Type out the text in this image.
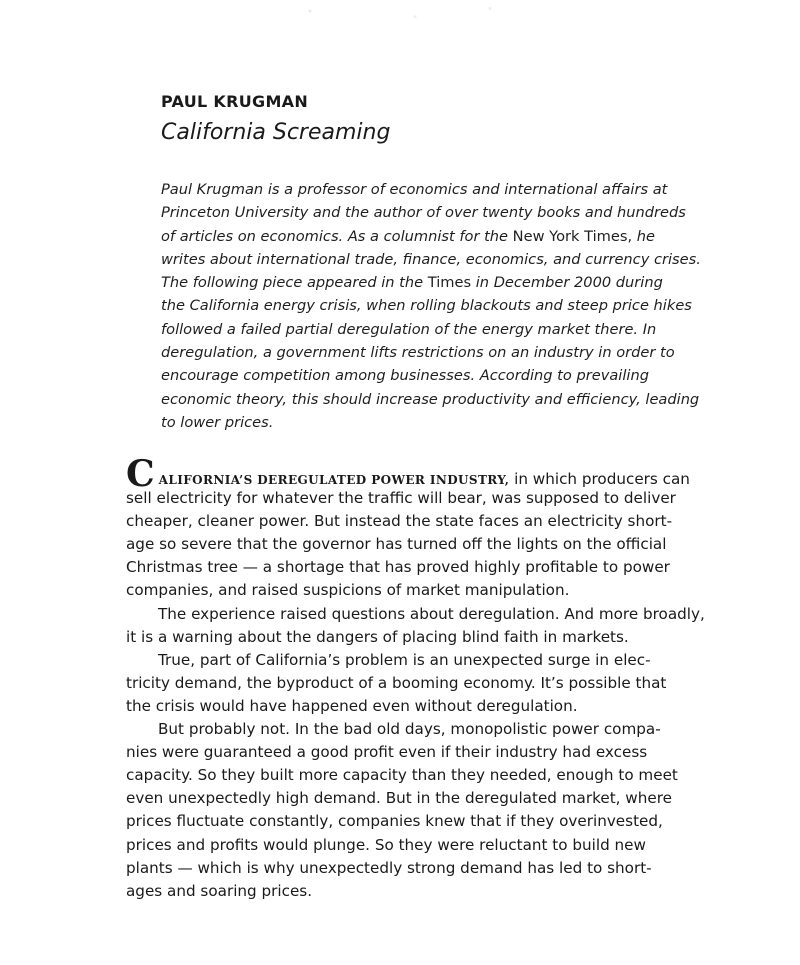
PAUL KRUGMAN
California Screaming
Paul Krugman is a professor of economics and international affairs at
Princeton University and the author of over twenty books and hundreds
of articles on economics. As a columnist for the New York Times, he
writes about international trade, finance, economics, and currency crises.
The following piece appeared in the Times in December 2000 during
the California energy crisis, when rolling blackouts and steep price hikes
followed a failed partial deregulation of the energy market there. In
deregulation, a government lifts restrictions on an industry in order to
encourage competition among businesses. According to prevailing
economic theory, this should increase productivity and efficiency, leading
to lower prices.
CALIFORNIA’S DEREGULATED POWER INDUSTRY, in which producers can
sell electricity for whatever the traffic will bear, was supposed to deliver
cheaper, cleaner power. But instead the state faces an electricity short-
age so severe that the governor has turned off the lights on the official
Christmas tree — a shortage that has proved highly profitable to power
companies, and raised suspicions of market manipulation.
The experience raised questions about deregulation. And more broadly,
it is a warning about the dangers of placing blind faith in markets.
True, part of California’s problem is an unexpected surge in elec-
tricity demand, the byproduct of a booming economy. It’s possible that
the crisis would have happened even without deregulation.
But probably not. In the bad old days, monopolistic power compa-
nies were guaranteed a good profit even if their industry had excess
capacity. So they built more capacity than they needed, enough to meet
even unexpectedly high demand. But in the deregulated market, where
prices fluctuate constantly, companies knew that if they overinvested,
prices and profits would plunge. So they were reluctant to build new
plants — which is why unexpectedly strong demand has led to short-
ages and soaring prices.
